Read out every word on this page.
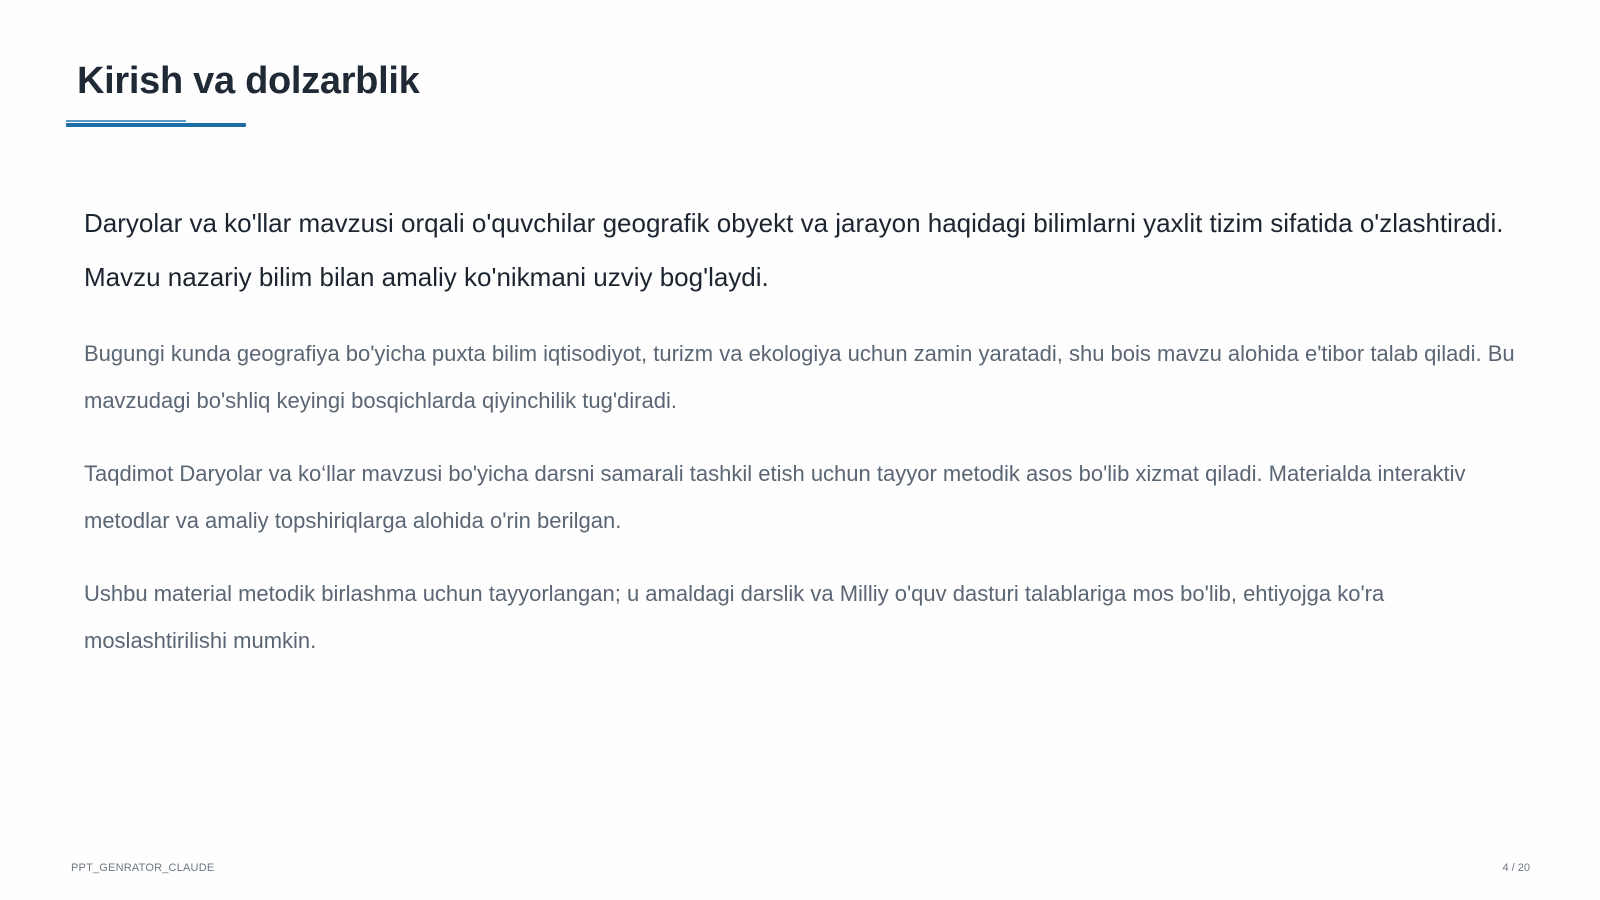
Kirish va dolzarblik

Daryolar va ko'llar mavzusi orqali o'quvchilar geografik obyekt va jarayon haqidagi bilimlarni yaxlit tizim sifatida o'zlashtiradi. Mavzu nazariy bilim bilan amaliy ko'nikmani uzviy bog'laydi.

Bugungi kunda geografiya bo'yicha puxta bilim iqtisodiyot, turizm va ekologiya uchun zamin yaratadi, shu bois mavzu alohida e'tibor talab qiladi. Bu mavzudagi bo'shliq keyingi bosqichlarda qiyinchilik tug'diradi.

Taqdimot Daryolar va ko‘llar mavzusi bo'yicha darsni samarali tashkil etish uchun tayyor metodik asos bo'lib xizmat qiladi. Materialda interaktiv metodlar va amaliy topshiriqlarga alohida o'rin berilgan.

Ushbu material metodik birlashma uchun tayyorlangan; u amaldagi darslik va Milliy o'quv dasturi talablariga mos bo'lib, ehtiyojga ko'ra moslashtirilishi mumkin.

PPT_GENRATOR_CLAUDE	4 / 20
